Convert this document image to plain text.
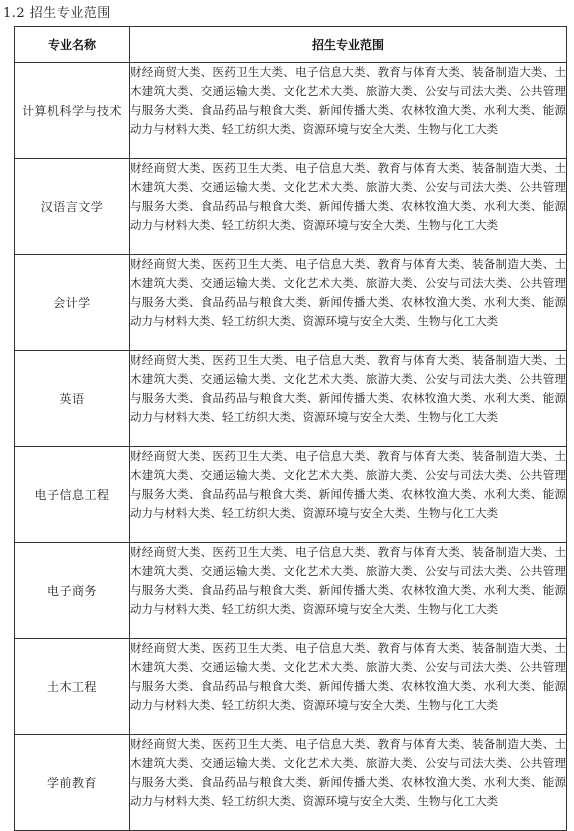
1.2 招生专业范围
专业名称	招生专业范围
计算机科学与技术	财经商贸大类、医药卫生大类、电子信息大类、教育与体育大类、装备制造大类、土木建筑大类、交通运输大类、文化艺术大类、旅游大类、公安与司法大类、公共管理与服务大类、食品药品与粮食大类、新闻传播大类、农林牧渔大类、水利大类、能源动力与材料大类、轻工纺织大类、资源环境与安全大类、生物与化工大类
汉语言文学	财经商贸大类、医药卫生大类、电子信息大类、教育与体育大类、装备制造大类、土木建筑大类、交通运输大类、文化艺术大类、旅游大类、公安与司法大类、公共管理与服务大类、食品药品与粮食大类、新闻传播大类、农林牧渔大类、水利大类、能源动力与材料大类、轻工纺织大类、资源环境与安全大类、生物与化工大类
会计学	财经商贸大类、医药卫生大类、电子信息大类、教育与体育大类、装备制造大类、土木建筑大类、交通运输大类、文化艺术大类、旅游大类、公安与司法大类、公共管理与服务大类、食品药品与粮食大类、新闻传播大类、农林牧渔大类、水利大类、能源动力与材料大类、轻工纺织大类、资源环境与安全大类、生物与化工大类
英语	财经商贸大类、医药卫生大类、电子信息大类、教育与体育大类、装备制造大类、土木建筑大类、交通运输大类、文化艺术大类、旅游大类、公安与司法大类、公共管理与服务大类、食品药品与粮食大类、新闻传播大类、农林牧渔大类、水利大类、能源动力与材料大类、轻工纺织大类、资源环境与安全大类、生物与化工大类
电子信息工程	财经商贸大类、医药卫生大类、电子信息大类、教育与体育大类、装备制造大类、土木建筑大类、交通运输大类、文化艺术大类、旅游大类、公安与司法大类、公共管理与服务大类、食品药品与粮食大类、新闻传播大类、农林牧渔大类、水利大类、能源动力与材料大类、轻工纺织大类、资源环境与安全大类、生物与化工大类
电子商务	财经商贸大类、医药卫生大类、电子信息大类、教育与体育大类、装备制造大类、土木建筑大类、交通运输大类、文化艺术大类、旅游大类、公安与司法大类、公共管理与服务大类、食品药品与粮食大类、新闻传播大类、农林牧渔大类、水利大类、能源动力与材料大类、轻工纺织大类、资源环境与安全大类、生物与化工大类
土木工程	财经商贸大类、医药卫生大类、电子信息大类、教育与体育大类、装备制造大类、土木建筑大类、交通运输大类、文化艺术大类、旅游大类、公安与司法大类、公共管理与服务大类、食品药品与粮食大类、新闻传播大类、农林牧渔大类、水利大类、能源动力与材料大类、轻工纺织大类、资源环境与安全大类、生物与化工大类
学前教育	财经商贸大类、医药卫生大类、电子信息大类、教育与体育大类、装备制造大类、土木建筑大类、交通运输大类、文化艺术大类、旅游大类、公安与司法大类、公共管理与服务大类、食品药品与粮食大类、新闻传播大类、农林牧渔大类、水利大类、能源动力与材料大类、轻工纺织大类、资源环境与安全大类、生物与化工大类
